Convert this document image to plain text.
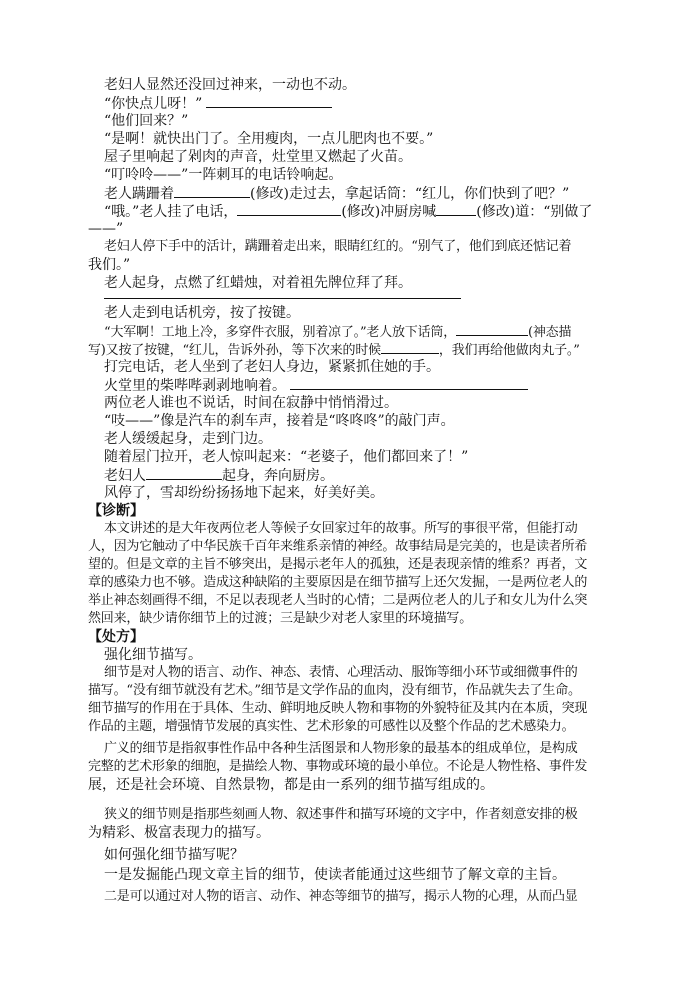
老妇人显然还没回过神来，一动也不动。
“你快点儿呀！”
“他们回来？”
“是啊！就快出门了。全用瘦肉，一点儿肥肉也不要。”
屋子里响起了剁肉的声音，灶堂里又燃起了火苗。
“叮呤呤——”一阵刺耳的电话铃响起。
老人蹒跚着	(修改)走过去，拿起话筒：“红儿，你们快到了吧？”
“哦。”老人挂了电话，	(修改)冲厨房喊	(修改)道：“别做了
——”
老妇人停下手中的活计，蹒跚着走出来，眼睛红红的。“别气了，他们到底还惦记着
我们。”
老人起身，点燃了红蜡烛，对着祖先牌位拜了拜。
老人走到电话机旁，按了按键。
“大军啊！工地上冷，多穿件衣服，别着凉了。”老人放下话筒，	(神态描
写)又按了按键，“红儿，告诉外孙，等下次来的时候	，我们再给他做肉丸子。”
打完电话，老人坐到了老妇人身边，紧紧抓住她的手。
火堂里的柴哔哔剥剥地响着。
两位老人谁也不说话，时间在寂静中悄悄滑过。
“吱——”像是汽车的刹车声，接着是“咚咚咚”的敲门声。
老人缓缓起身，走到门边。
随着屋门拉开，老人惊叫起来：“老婆子，他们都回来了！”
老妇人	起身，奔向厨房。
风停了，雪却纷纷扬扬地下起来，好美好美。
【诊断】
本文讲述的是大年夜两位老人等候子女回家过年的故事。所写的事很平常，但能打动
人，因为它触动了中华民族千百年来维系亲情的神经。故事结局是完美的，也是读者所希
望的。但是文章的主旨不够突出，是揭示老年人的孤独，还是表现亲情的维系？再者，文
章的感染力也不够。造成这种缺陷的主要原因是在细节描写上还欠发掘，一是两位老人的
举止神态刻画得不细，不足以表现老人当时的心情；二是两位老人的儿子和女儿为什么突
然回来，缺少请你细节上的过渡；三是缺少对老人家里的环境描写。
【处方】
强化细节描写。
细节是对人物的语言、动作、神态、表情、心理活动、服饰等细小环节或细微事件的
描写。“没有细节就没有艺术。”细节是文学作品的血肉，没有细节，作品就失去了生命。
细节描写的作用在于具体、生动、鲜明地反映人物和事物的外貌特征及其内在本质，突现
作品的主题，增强情节发展的真实性、艺术形象的可感性以及整个作品的艺术感染力。
广义的细节是指叙事性作品中各种生活图景和人物形象的最基本的组成单位，是构成
完整的艺术形象的细胞，是描绘人物、事物或环境的最小单位。不论是人物性格、事件发
展，还是社会环境、自然景物，都是由一系列的细节描写组成的。
狭义的细节则是指那些刻画人物、叙述事件和描写环境的文字中，作者刻意安排的极
为精彩、极富表现力的描写。
如何强化细节描写呢？
一是发掘能凸现文章主旨的细节，使读者能通过这些细节了解文章的主旨。
二是可以通过对人物的语言、动作、神态等细节的描写，揭示人物的心理，从而凸显
